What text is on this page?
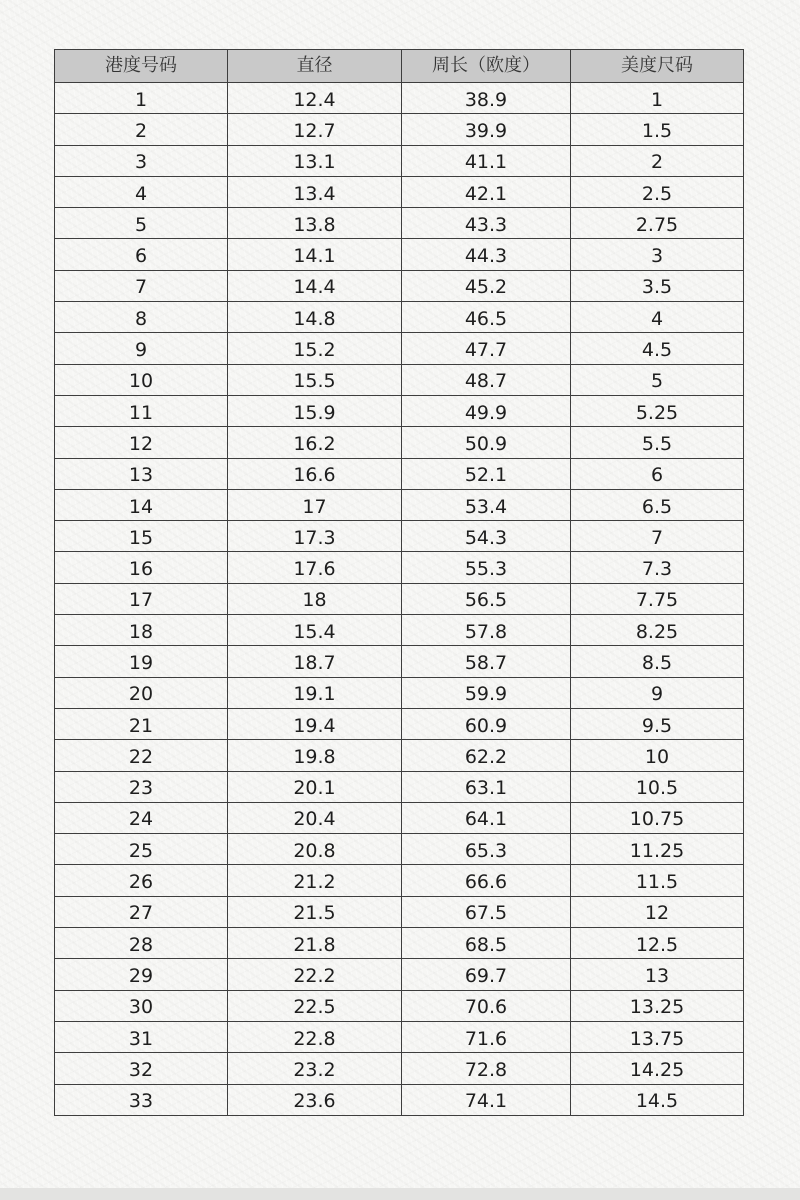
港度号码	直径	周长（欧度）	美度尺码
1	12.4	38.9	1
2	12.7	39.9	1.5
3	13.1	41.1	2
4	13.4	42.1	2.5
5	13.8	43.3	2.75
6	14.1	44.3	3
7	14.4	45.2	3.5
8	14.8	46.5	4
9	15.2	47.7	4.5
10	15.5	48.7	5
11	15.9	49.9	5.25
12	16.2	50.9	5.5
13	16.6	52.1	6
14	17	53.4	6.5
15	17.3	54.3	7
16	17.6	55.3	7.3
17	18	56.5	7.75
18	15.4	57.8	8.25
19	18.7	58.7	8.5
20	19.1	59.9	9
21	19.4	60.9	9.5
22	19.8	62.2	10
23	20.1	63.1	10.5
24	20.4	64.1	10.75
25	20.8	65.3	11.25
26	21.2	66.6	11.5
27	21.5	67.5	12
28	21.8	68.5	12.5
29	22.2	69.7	13
30	22.5	70.6	13.25
31	22.8	71.6	13.75
32	23.2	72.8	14.25
33	23.6	74.1	14.5
